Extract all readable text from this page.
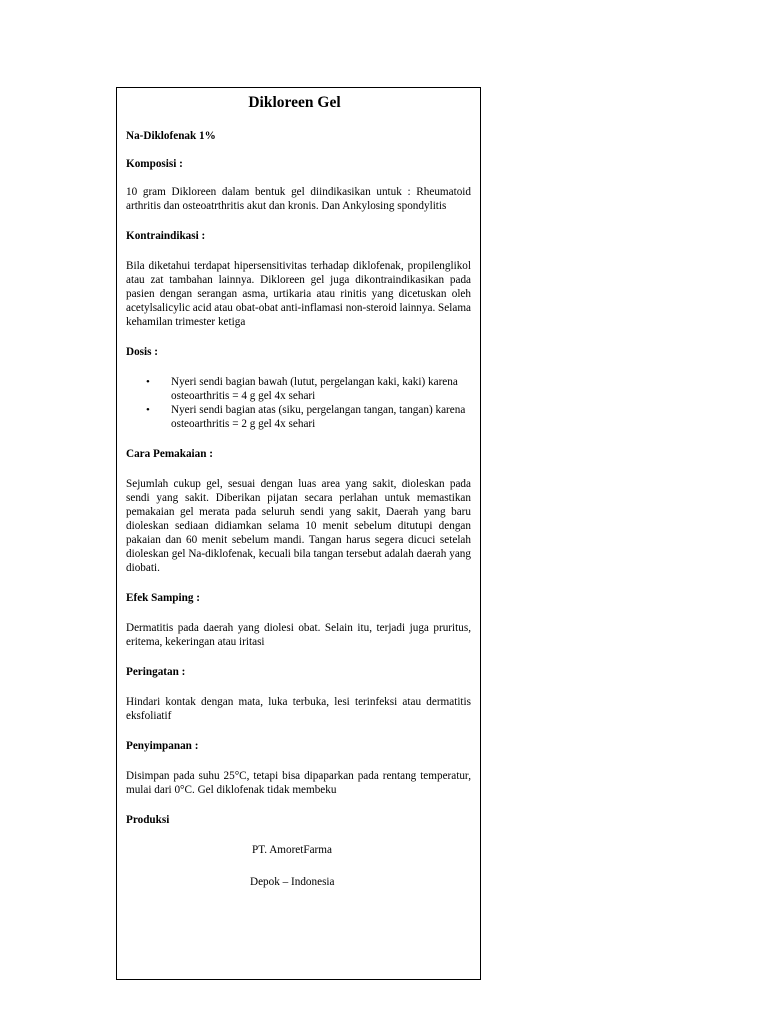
Dikloreen Gel

Na-Diklofenak 1%

Komposisi :

10 gram Dikloreen dalam bentuk gel diindikasikan untuk : Rheumatoid arthritis dan osteoatrthritis akut dan kronis. Dan Ankylosing spondylitis

Kontraindikasi :

Bila diketahui terdapat hipersensitivitas terhadap diklofenak, propilenglikol atau zat tambahan lainnya. Dikloreen gel juga dikontraindikasikan pada pasien dengan serangan asma, urtikaria atau rinitis yang dicetuskan oleh acetylsalicylic acid atau obat-obat anti-inflamasi non-steroid lainnya. Selama kehamilan trimester ketiga

Dosis :

• Nyeri sendi bagian bawah (lutut, pergelangan kaki, kaki) karena osteoarthritis = 4 g gel 4x sehari
• Nyeri sendi bagian atas (siku, pergelangan tangan, tangan) karena osteoarthritis = 2 g gel 4x sehari

Cara Pemakaian :

Sejumlah cukup gel, sesuai dengan luas area yang sakit, dioleskan pada sendi yang sakit. Diberikan pijatan secara perlahan untuk memastikan pemakaian gel merata pada seluruh sendi yang sakit, Daerah yang baru dioleskan sediaan didiamkan selama 10 menit sebelum ditutupi dengan pakaian dan 60 menit sebelum mandi. Tangan harus segera dicuci setelah dioleskan gel Na-diklofenak, kecuali bila tangan tersebut adalah daerah yang diobati.

Efek Samping :

Dermatitis pada daerah yang diolesi obat. Selain itu, terjadi juga pruritus, eritema, kekeringan atau iritasi

Peringatan :

Hindari kontak dengan mata, luka terbuka, lesi terinfeksi atau dermatitis eksfoliatif

Penyimpanan :

Disimpan pada suhu 25°C, tetapi bisa dipaparkan pada rentang temperatur, mulai dari 0°C. Gel diklofenak tidak membeku

Produksi

PT. AmoretFarma

Depok – Indonesia
